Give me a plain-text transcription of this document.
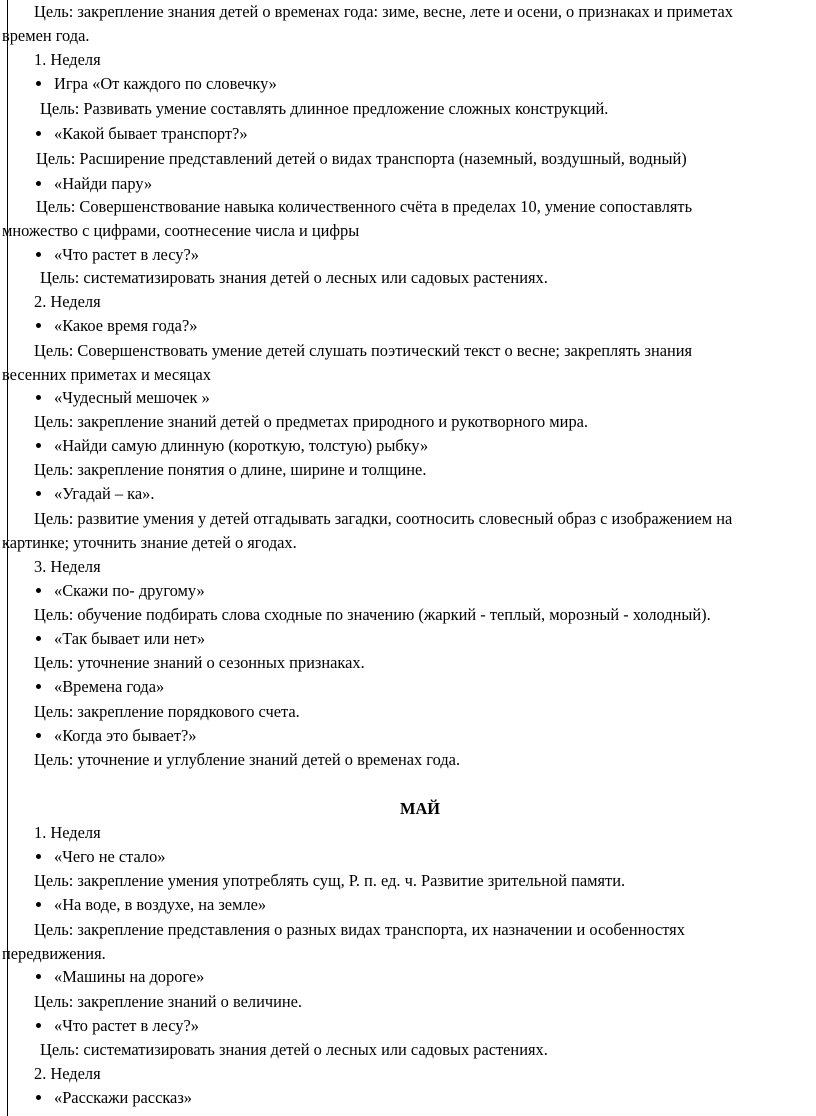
Цель: закрепление знания детей о временах года: зиме, весне, лете и осени, о признаках и приметах
времен года.
1. Неделя
Игра «От каждого по словечку»
Цель: Развивать умение составлять длинное предложение сложных конструкций.
«Какой бывает транспорт?»
Цель: Расширение представлений детей о видах транспорта (наземный, воздушный, водный)
«Найди пару»
Цель: Совершенствование навыка количественного счёта в пределах 10, умение сопоставлять
множество с цифрами, соотнесение числа и цифры
«Что растет в лесу?»
Цель: систематизировать знания детей о лесных или садовых растениях.
2. Неделя
«Какое время года?»
Цель: Совершенствовать умение детей слушать поэтический текст о весне; закреплять знания
весенних приметах и месяцах
«Чудесный мешочек »
Цель: закрепление знаний детей о предметах природного и рукотворного мира.
«Найди самую длинную (короткую, толстую) рыбку»
Цель: закрепление понятия о длине, ширине и толщине.
«Угадай – ка».
Цель: развитие умения у детей отгадывать загадки, соотносить словесный образ с изображением на
картинке; уточнить знание детей о ягодах.
3. Неделя
«Скажи по- другому»
Цель: обучение подбирать слова сходные по значению (жаркий - теплый, морозный - холодный).
«Так бывает или нет»
Цель: уточнение знаний о сезонных признаках.
«Времена года»
Цель: закрепление порядкового счета.
«Когда это бывает?»
Цель: уточнение и углубление знаний детей о временах года.
МАЙ
1. Неделя
«Чего не стало»
Цель: закрепление умения употреблять сущ, Р. п. ед. ч. Развитие зрительной памяти.
«На воде, в воздухе, на земле»
Цель: закрепление представления о разных видах транспорта, их назначении и особенностях
передвижения.
«Машины на дороге»
Цель: закрепление знаний о величине.
«Что растет в лесу?»
Цель: систематизировать знания детей о лесных или садовых растениях.
2. Неделя
«Расскажи рассказ»
